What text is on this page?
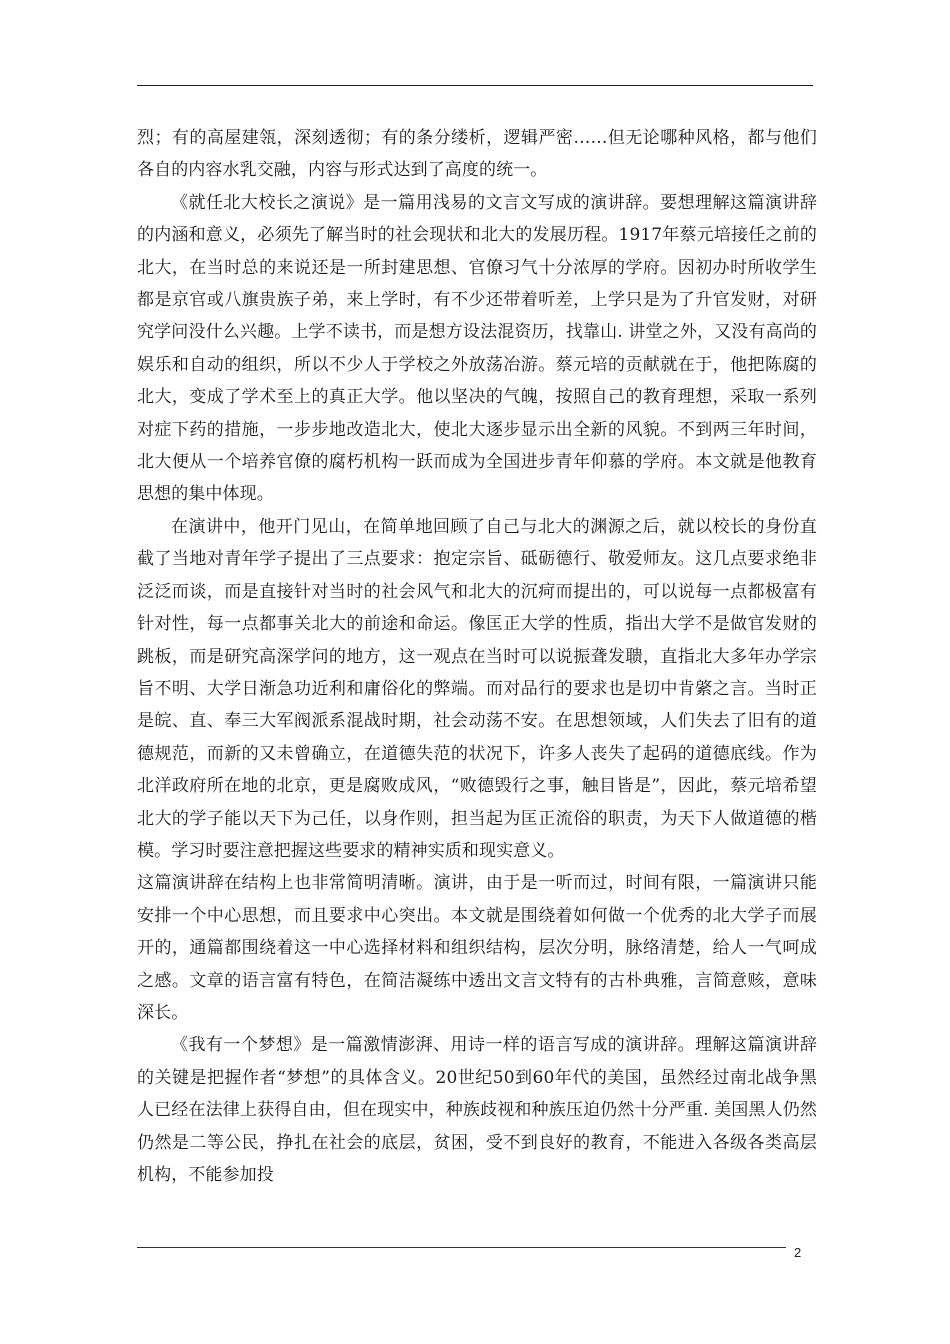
烈；有的高屋建瓴，深刻透彻；有的条分缕析，逻辑严密……但无论哪种风格，都与他们各自的内容水乳交融，内容与形式达到了高度的统一。

《就任北大校长之演说》是一篇用浅易的文言文写成的演讲辞。要想理解这篇演讲辞的内涵和意义，必须先了解当时的社会现状和北大的发展历程。1917年蔡元培接任之前的北大，在当时总的来说还是一所封建思想、官僚习气十分浓厚的学府。因初办时所收学生都是京官或八旗贵族子弟，来上学时，有不少还带着听差，上学只是为了升官发财，对研究学问没什么兴趣。上学不读书，而是想方设法混资历，找靠山. 讲堂之外，又没有高尚的娱乐和自动的组织，所以不少人于学校之外放荡冶游。蔡元培的贡献就在于，他把陈腐的北大，变成了学术至上的真正大学。他以坚决的气魄，按照自己的教育理想，采取一系列对症下药的措施，一步步地改造北大，使北大逐步显示出全新的风貌。不到两三年时间，北大便从一个培养官僚的腐朽机构一跃而成为全国进步青年仰慕的学府。本文就是他教育思想的集中体现。

在演讲中，他开门见山，在简单地回顾了自己与北大的渊源之后，就以校长的身份直截了当地对青年学子提出了三点要求：抱定宗旨、砥砺德行、敬爱师友。这几点要求绝非泛泛而谈，而是直接针对当时的社会风气和北大的沉疴而提出的，可以说每一点都极富有针对性，每一点都事关北大的前途和命运。像匡正大学的性质，指出大学不是做官发财的跳板，而是研究高深学问的地方，这一观点在当时可以说振聋发聩，直指北大多年办学宗旨不明、大学日渐急功近利和庸俗化的弊端。而对品行的要求也是切中肯綮之言。当时正是皖、直、奉三大军阀派系混战时期，社会动荡不安。在思想领域，人们失去了旧有的道德规范，而新的又未曾确立，在道德失范的状况下，许多人丧失了起码的道德底线。作为北洋政府所在地的北京，更是腐败成风，“败德毁行之事，触目皆是”，因此，蔡元培希望北大的学子能以天下为己任，以身作则，担当起为匡正流俗的职责，为天下人做道德的楷模。学习时要注意把握这些要求的精神实质和现实意义。

这篇演讲辞在结构上也非常简明清晰。演讲，由于是一听而过，时间有限，一篇演讲只能安排一个中心思想，而且要求中心突出。本文就是围绕着如何做一个优秀的北大学子而展开的，通篇都围绕着这一中心选择材料和组织结构，层次分明，脉络清楚，给人一气呵成之感。文章的语言富有特色，在简洁凝练中透出文言文特有的古朴典雅，言简意赅，意味深长。

《我有一个梦想》是一篇激情澎湃、用诗一样的语言写成的演讲辞。理解这篇演讲辞的关键是把握作者“梦想”的具体含义。20世纪50到60年代的美国，虽然经过南北战争黑人已经在法律上获得自由，但在现实中，种族歧视和种族压迫仍然十分严重. 美国黑人仍然仍然是二等公民，挣扎在社会的底层，贫困，受不到良好的教育，不能进入各级各类高层机构，不能参加投

2
